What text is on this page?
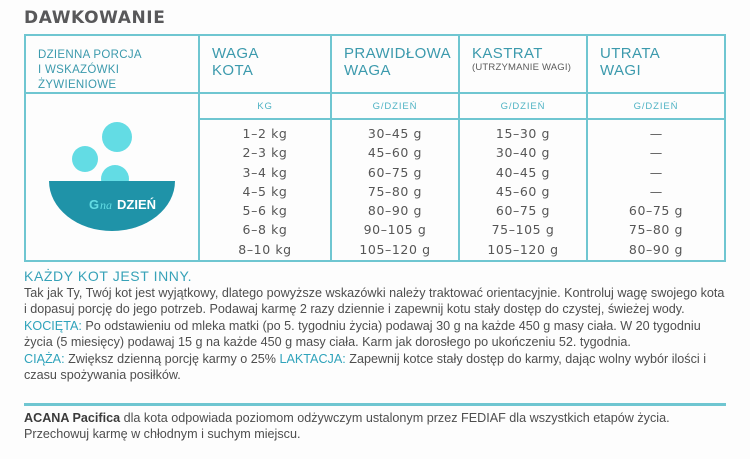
DAWKOWANIE
DZIENNA PORCJA
I WSKAZÓWKI ŻYWIENIOWE
G na DZIEŃ
WAGA
KOTA
KG
1–2 kg
2–3 kg
3–4 kg
4–5 kg
5–6 kg
6–8 kg
8–10 kg
PRAWIDŁOWA
WAGA
G/DZIEŃ
30–45 g
45–60 g
60–75 g
75–80 g
80–90 g
90–105 g
105–120 g
KASTRAT
(UTRZYMANIE WAGI)
G/DZIEŃ
15–30 g
30–40 g
40–45 g
45–60 g
60–75 g
75–105 g
105–120 g
UTRATA
WAGI
G/DZIEŃ
—
—
—
—
60–75 g
75–80 g
80–90 g
KAŻDY KOT JEST INNY.

Tak jak Ty, Twój kot jest wyjątkowy, dlatego powyższe wskazówki należy traktować orientacyjnie. Kontroluj wagę swojego kota i dopasuj porcję do jego potrzeb. Podawaj karmę 2 razy dziennie i zapewnij kotu stały dostęp do czystej, świeżej wody.

KOCIĘTA: Po odstawieniu od mleka matki (po 5. tygodniu życia) podawaj 30 g na każde 450 g masy ciała. W 20 tygodniu życia (5 miesięcy) podawaj 15 g na każde 450 g masy ciała. Karm jak dorosłego po ukończeniu 52. tygodnia.

CIĄŻA: Zwiększ dzienną porcję karmy o 25% LAKTACJA: Zapewnij kotce stały dostęp do karmy, dając wolny wybór ilości i czasu spożywania posiłków.

ACANA Pacifica dla kota odpowiada poziomom odżywczym ustalonym przez FEDIAF dla wszystkich etapów życia. Przechowuj karmę w chłodnym i suchym miejscu.
